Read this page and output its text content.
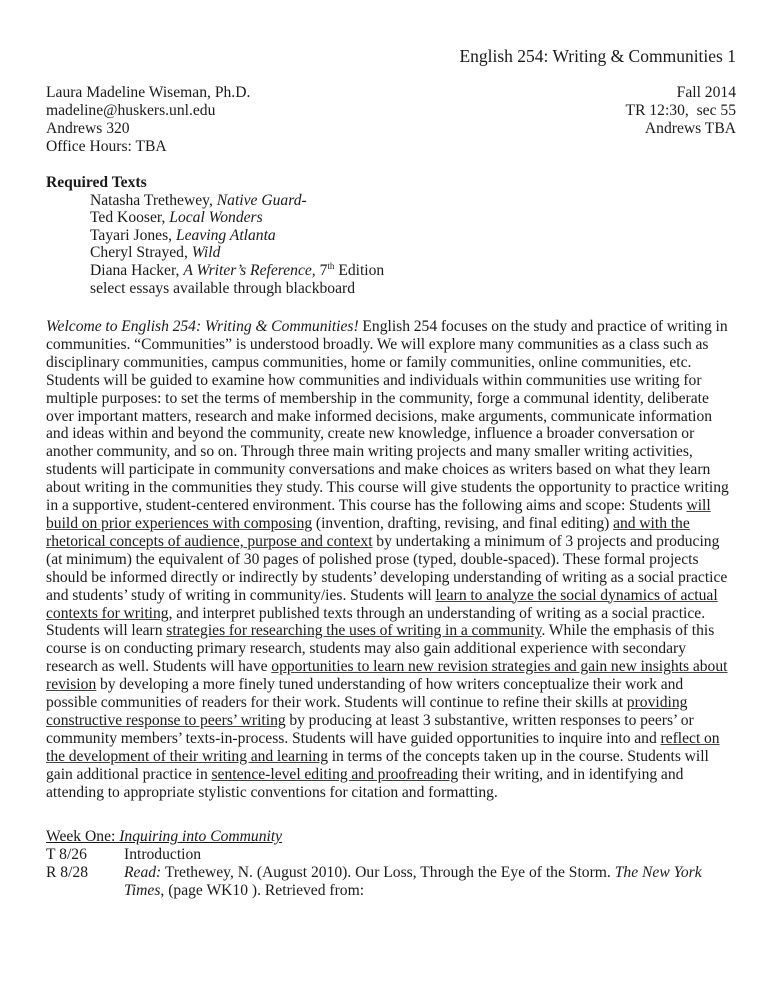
English 254: Writing & Communities 1
Laura Madeline Wiseman, Ph.D.
madeline@huskers.unl.edu
Andrews 320
Office Hours: TBA
Fall 2014
TR 12:30,  sec 55
Andrews TBA
Required Texts
Natasha Trethewey, Native Guard-
Ted Kooser, Local Wonders
Tayari Jones, Leaving Atlanta
Cheryl Strayed, Wild
Diana Hacker, A Writer’s Reference, 7th Edition
select essays available through blackboard
Welcome to English 254: Writing & Communities! English 254 focuses on the study and practice of writing in communities. “Communities” is understood broadly. We will explore many communities as a class such as disciplinary communities, campus communities, home or family communities, online communities, etc. Students will be guided to examine how communities and individuals within communities use writing for multiple purposes: to set the terms of membership in the community, forge a communal identity, deliberate over important matters, research and make informed decisions, make arguments, communicate information and ideas within and beyond the community, create new knowledge, influence a broader conversation or another community, and so on. Through three main writing projects and many smaller writing activities, students will participate in community conversations and make choices as writers based on what they learn about writing in the communities they study. This course will give students the opportunity to practice writing in a supportive, student-centered environment. This course has the following aims and scope: Students will build on prior experiences with composing (invention, drafting, revising, and final editing) and with the rhetorical concepts of audience, purpose and context by undertaking a minimum of 3 projects and producing (at minimum) the equivalent of 30 pages of polished prose (typed, double-spaced). These formal projects should be informed directly or indirectly by students’ developing understanding of writing as a social practice and students’ study of writing in community/ies. Students will learn to analyze the social dynamics of actual contexts for writing, and interpret published texts through an understanding of writing as a social practice. Students will learn strategies for researching the uses of writing in a community. While the emphasis of this course is on conducting primary research, students may also gain additional experience with secondary research as well. Students will have opportunities to learn new revision strategies and gain new insights about revision by developing a more finely tuned understanding of how writers conceptualize their work and possible communities of readers for their work. Students will continue to refine their skills at providing constructive response to peers’ writing by producing at least 3 substantive, written responses to peers’ or community members’ texts-in-process. Students will have guided opportunities to inquire into and reflect on the development of their writing and learning in terms of the concepts taken up in the course. Students will gain additional practice in sentence-level editing and proofreading their writing, and in identifying and attending to appropriate stylistic conventions for citation and formatting.
Week One: Inquiring into Community
T 8/26	Introduction
R 8/28	Read: Trethewey, N. (August 2010). Our Loss, Through the Eye of the Storm. The New York Times, (page WK10 ). Retrieved from:
